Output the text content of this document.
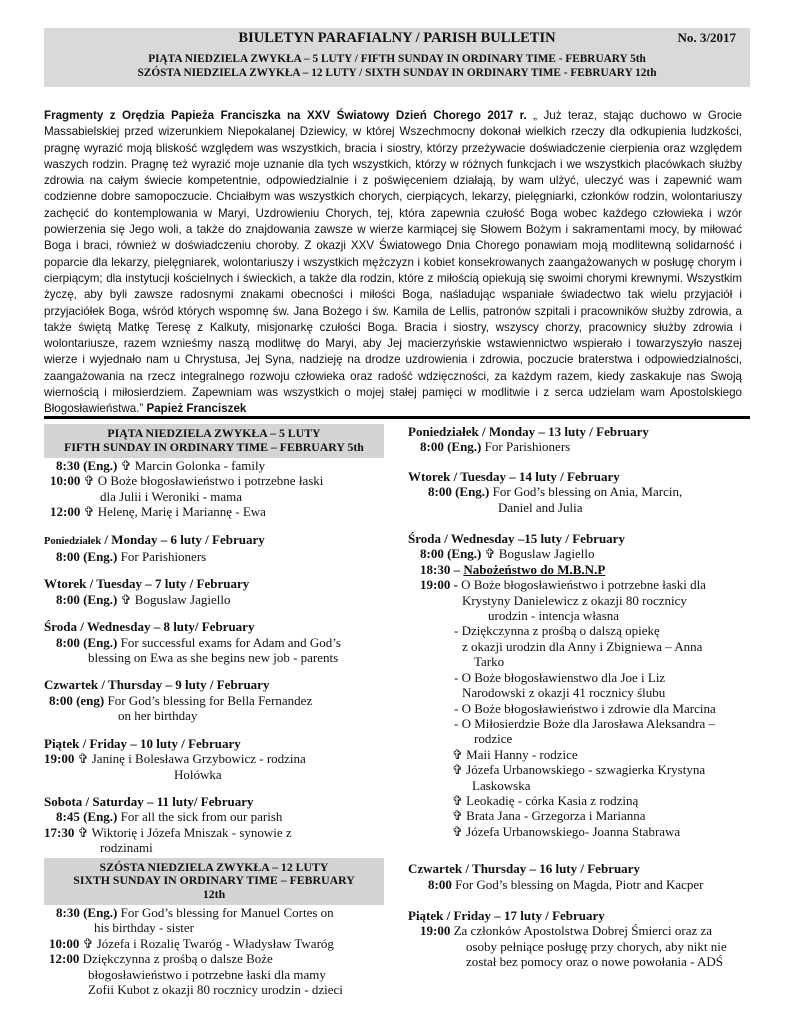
BIULETYN PARAFIALNY / PARISH BULLETIN	No. 3/2017
PIĄTA NIEDZIELA ZWYKŁA – 5 LUTY / FIFTH SUNDAY IN ORDINARY TIME - FEBRUARY 5th
SZÓSTA NIEDZIELA ZWYKŁA – 12 LUTY / SIXTH SUNDAY IN ORDINARY TIME - FEBRUARY 12th

Fragmenty z Orędzia Papieża Franciszka na XXV Światowy Dzień Chorego 2017 r. „ Już teraz, stając duchowo w Grocie Massabielskiej przed wizerunkiem Niepokalanej Dziewicy, w której Wszechmocny dokonał wielkich rzeczy dla odkupienia ludzkości, pragnę wyrazić moją bliskość względem was wszystkich, bracia i siostry, którzy przeżywacie doświadczenie cierpienia oraz względem waszych rodzin. Pragnę też wyrazić moje uznanie dla tych wszystkich, którzy w różnych funkcjach i we wszystkich placówkach służby zdrowia na całym świecie kompetentnie, odpowiedzialnie i z poświęceniem działają, by wam ulżyć, uleczyć was i zapewnić wam codzienne dobre samopoczucie. Chciałbym was wszystkich chorych, cierpiących, lekarzy, pielęgniarki, członków rodzin, wolontariuszy zachęcić do kontemplowania w Maryi, Uzdrowieniu Chorych, tej, która zapewnia czułość Boga wobec każdego człowieka i wzór powierzenia się Jego woli, a także do znajdowania zawsze w wierze karmiącej się Słowem Bożym i sakramentami mocy, by miłować Boga i braci, również w doświadczeniu choroby. Z okazji XXV Światowego Dnia Chorego ponawiam moją modlitewną solidarność i poparcie dla lekarzy, pielęgniarek, wolontariuszy i wszystkich mężczyzn i kobiet konsekrowanych zaangażowanych w posługę chorym i cierpiącym; dla instytucji kościelnych i świeckich, a także dla rodzin, które z miłością opiekują się swoimi chorymi krewnymi. Wszystkim życzę, aby byli zawsze radosnymi znakami obecności i miłości Boga, naśladując wspaniałe świadectwo tak wielu przyjaciół i przyjaciółek Boga, wśród których wspomnę św. Jana Bożego i św. Kamila de Lellis, patronów szpitali i pracowników służby zdrowia, a także świętą Matkę Teresę z Kalkuty, misjonarkę czułości Boga. Bracia i siostry, wszyscy chorzy, pracownicy służby zdrowia i wolontariusze, razem wznieśmy naszą modlitwę do Maryi, aby Jej macierzyńskie wstawiennictwo wspierało i towarzyszyło naszej wierze i wyjednało nam u Chrystusa, Jej Syna, nadzieję na drodze uzdrowienia i zdrowia, poczucie braterstwa i odpowiedzialności, zaangażowania na rzecz integralnego rozwoju człowieka oraz radość wdzięczności, za każdym razem, kiedy zaskakuje nas Swoją wiernością i miłosierdziem. Zapewniam was wszystkich o mojej stałej pamięci w modlitwie i z serca udzielam wam Apostolskiego Błogosławieństwa.” Papież Franciszek

PIĄTA NIEDZIELA ZWYKŁA – 5 LUTY
FIFTH SUNDAY IN ORDINARY TIME – FEBRUARY 5th
8:30 (Eng.) ✞ Marcin Golonka - family
10:00 ✞ O Boże błogosławieństwo i potrzebne łaski
dla Julii i Weroniki - mama
12:00 ✞ Helenę, Marię i Mariannę - Ewa
Poniedziałek / Monday – 6 luty / February
8:00 (Eng.) For Parishioners
Wtorek / Tuesday – 7 luty / February
8:00 (Eng.) ✞ Boguslaw Jagiello
Środa / Wednesday – 8 luty/ February
8:00 (Eng.) For successful exams for Adam and God’s
blessing on Ewa as she begins new job - parents
Czwartek / Thursday – 9 luty / February
8:00 (eng) For God’s blessing for Bella Fernandez
on her birthday
Piątek / Friday – 10 luty / February
19:00 ✞ Janinę i Bolesława Grzybowicz - rodzina
Holówka
Sobota / Saturday – 11 luty/ February
8:45 (Eng.) For all the sick from our parish
17:30 ✞ Wiktorię i Józefa Mniszak - synowie z
rodzinami
SZÓSTA NIEDZIELA ZWYKŁA – 12 LUTY
SIXTH SUNDAY IN ORDINARY TIME – FEBRUARY
12th
8:30 (Eng.) For God’s blessing for Manuel Cortes on
his birthday - sister
10:00 ✞ Józefa i Rozalię Twaróg - Władysław Twaróg
12:00 Dziękczynna z prośbą o dalsze Boże
błogosławieństwo i potrzebne łaski dla mamy
Zofii Kubot z okazji 80 rocznicy urodzin - dzieci
Poniedziałek / Monday – 13 luty / February
8:00 (Eng.) For Parishioners
Wtorek / Tuesday – 14 luty / February
8:00 (Eng.) For God’s blessing on Ania, Marcin,
Daniel and Julia
Środa / Wednesday –15 luty / February
8:00 (Eng.) ✞ Boguslaw Jagiello
18:30 – Nabożeństwo do M.B.N.P
19:00 - O Boże błogosławieństwo i potrzebne łaski dla
Krystyny Danielewicz z okazji 80 rocznicy
urodzin - intencja własna
- Dziękczynna z prośbą o dalszą opiekę
z okazji urodzin dla Anny i Zbigniewa – Anna
Tarko
- O Boże błogosławienstwo dla Joe i Liz
Narodowski z okazji 41 rocznicy ślubu
- O Boże błogosławieństwo i zdrowie dla Marcina
- O Miłosierdzie Boże dla Jarosława Aleksandra –
rodzice
✞ Maii Hanny - rodzice
✞ Józefa Urbanowskiego - szwagierka Krystyna
Laskowska
✞ Leokadię - córka Kasia z rodziną
✞ Brata Jana - Grzegorza i Marianna
✞ Józefa Urbanowskiego- Joanna Stabrawa
Czwartek / Thursday – 16 luty / February
8:00 For God’s blessing on Magda, Piotr and Kacper
Piątek / Friday – 17 luty / February
19:00 Za członków Apostolstwa Dobrej Śmierci oraz za
osoby pełniące posługę przy chorych, aby nikt nie
został bez pomocy oraz o nowe powołania - ADŚ
